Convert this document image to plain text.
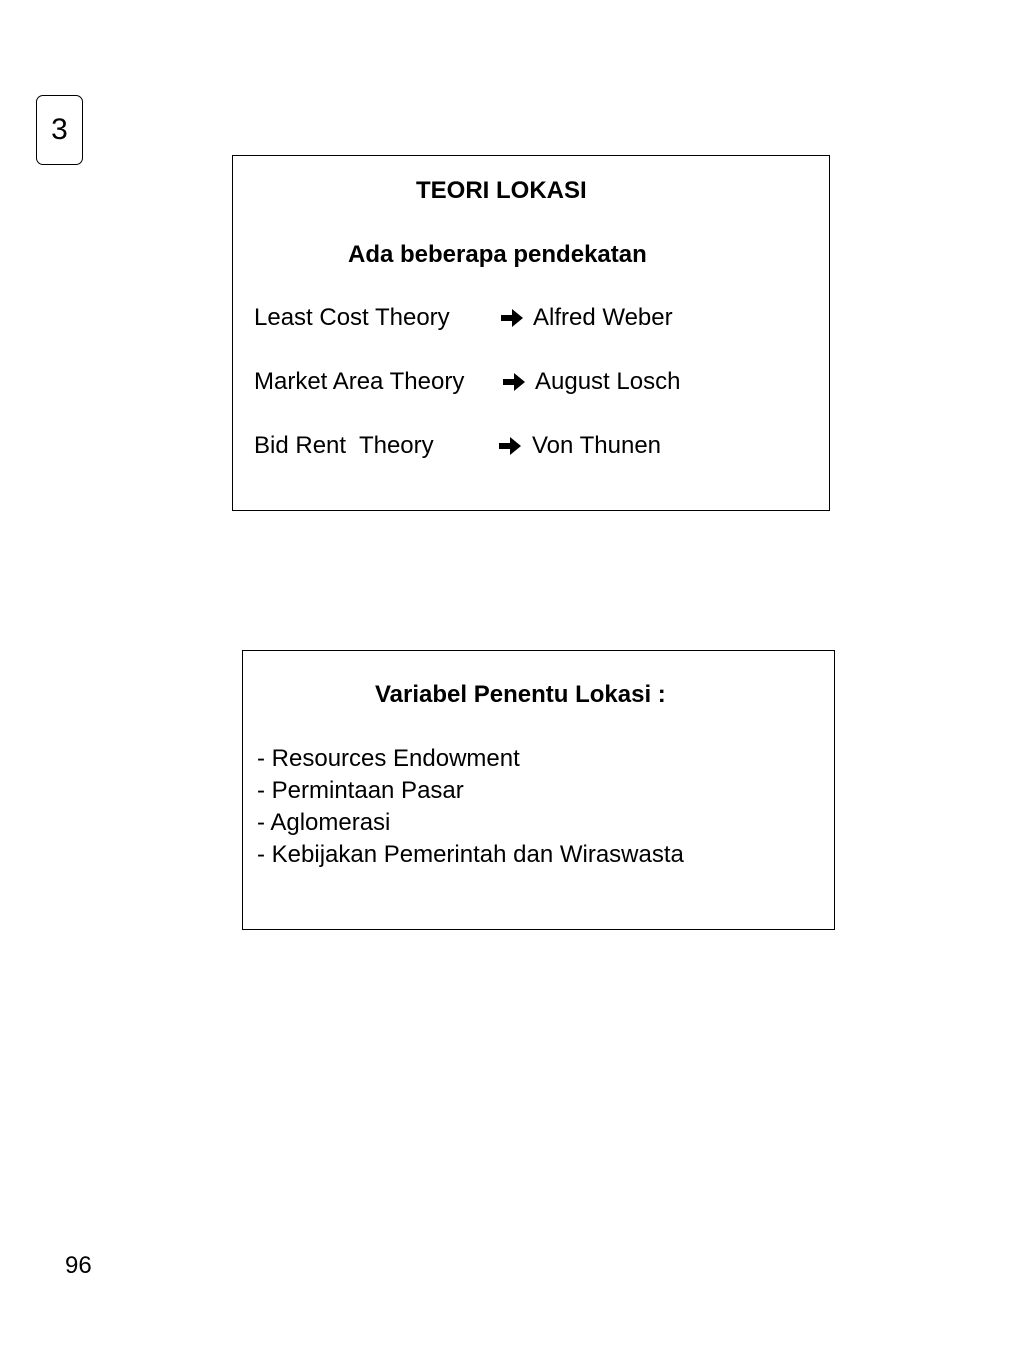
3
TEORI LOKASI
Ada beberapa pendekatan
Least Cost Theory	Alfred Weber
Market Area Theory	August Losch
Bid Rent  Theory	Von Thunen
Variabel Penentu Lokasi :
- Resources Endowment
- Permintaan Pasar
- Aglomerasi
- Kebijakan Pemerintah dan Wiraswasta
96
